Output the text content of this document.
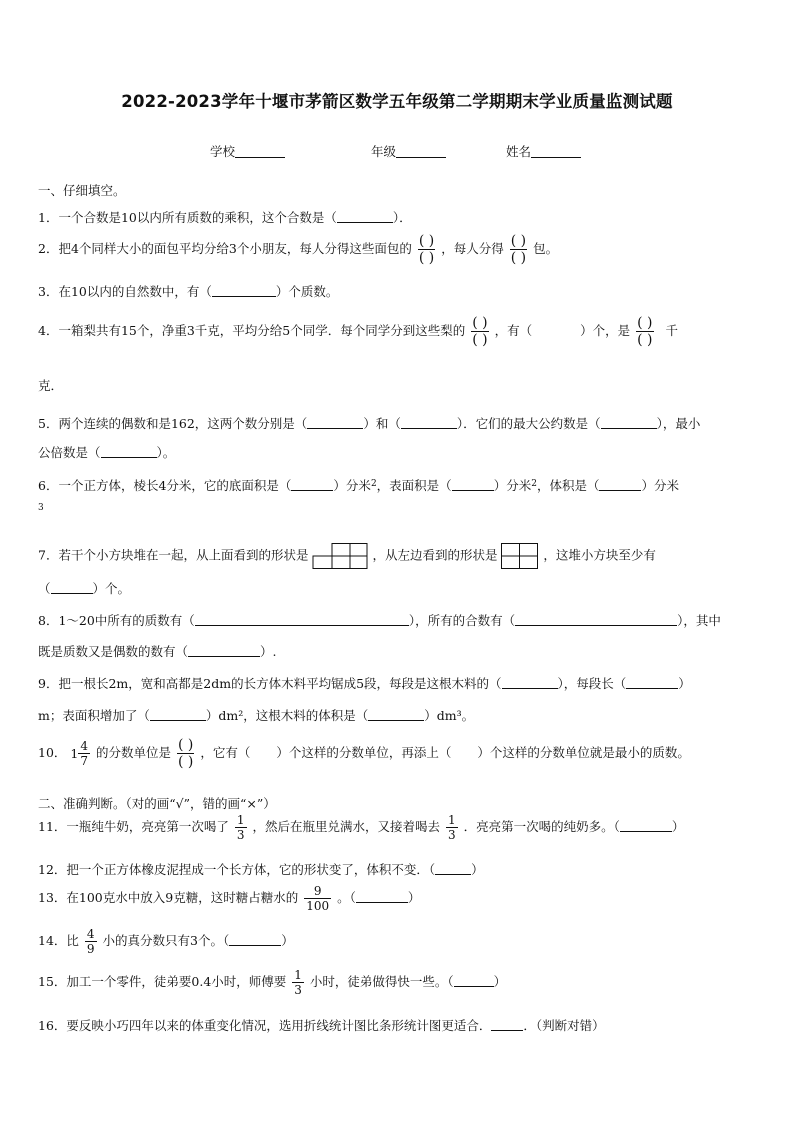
2022-2023学年十堰市茅箭区数学五年级第二学期期末学业质量监测试题
学校	年级	姓名
一、仔细填空。
1．一个合数是10以内所有质数的乘积，这个合数是（	）．
2．把4个同样大小的面包平均分给3个小朋友，每人分得这些面包的 $\frac{( )}{( )}$ ，每人分得 $\frac{( )}{( )}$ 包。
3．在10以内的自然数中，有（	）个质数。
4．一箱梨共有15个，净重3千克，平均分给5个同学．每个同学分到这些梨的 $\frac{( )}{( )}$ ，有（	）个，是 $\frac{( )}{( )}$ 千
克．
5．两个连续的偶数和是162，这两个数分别是（	）和（	）．它们的最大公约数是（	），最小
公倍数是（	）。
6．一个正方体，棱长4分米，它的底面积是（	）分米$^2$，表面积是（	）分米$^2$，体积是（	）分米
$^3$
7．若干个小方块堆在一起，从上面看到的形状是	，从左边看到的形状是	，这堆小方块至少有
（	）个。
8．1～20中所有的质数有（	），所有的合数有（	），其中
既是质数又是偶数的数有（	）.
9．把一根长2m，宽和高都是2dm的长方体木料平均锯成5段，每段是这根木料的（	），每段长（	）
m；表面积增加了（	）dm²，这根木料的体积是（	）dm³。
10． $1 \frac{4}{7}$ 的分数单位是 $\frac{( )}{( )}$ ，它有（ ）个这样的分数单位，再添上（ ）个这样的分数单位就是最小的质数。
二、准确判断。（对的画“√”，错的画“×”）
11．一瓶纯牛奶，亮亮第一次喝了 $\frac{1}{3}$ ，然后在瓶里兑满水，又接着喝去 $\frac{1}{3}$ ．亮亮第一次喝的纯奶多。（	）
12．把一个正方体橡皮泥捏成一个长方体，它的形状变了，体积不变．（	）
13．在100克水中放入9克糖，这时糖占糖水的 $\frac{9}{100}$ 。（	）
14．比 $\frac{4}{9}$ 小的真分数只有3个。（	）
15．加工一个零件，徒弟要0.4小时，师傅要 $\frac{1}{3}$ 小时，徒弟做得快一些。（	）
16．要反映小巧四年以来的体重变化情况，选用折线统计图比条形统计图更适合．	．（判断对错）
